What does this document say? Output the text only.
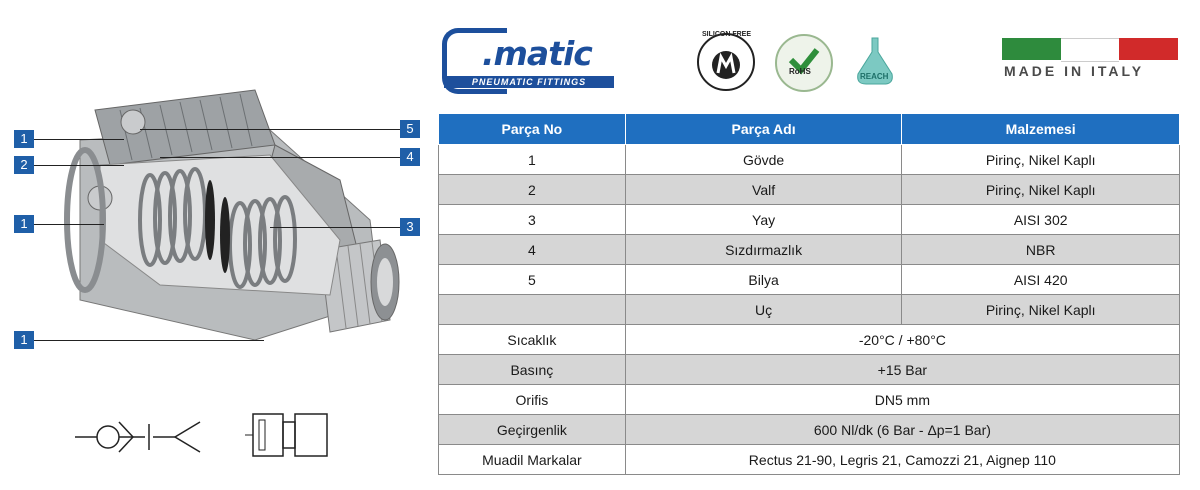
1
2
1
1
5
4
3
.matic
PNEUMATIC FITTINGS
SILICON FREE
RoHS
REACH	MADE IN ITALY
Parça No	Parça Adı	Malzemesi
1	Gövde	Pirinç, Nikel Kaplı
2	Valf	Pirinç, Nikel Kaplı
3	Yay	AISI 302
4	Sızdırmazlık	NBR
5	Bilya	AISI 420
	Uç	Pirinç, Nikel Kaplı
Sıcaklık	-20°C / +80°C	
Basınç	+15 Bar	
Orifis	DN5 mm	
Geçirgenlik	600 Nl/dk (6 Bar - Δp=1 Bar)	
Muadil Markalar	Rectus 21-90, Legris 21, Camozzi 21, Aignep 110	
